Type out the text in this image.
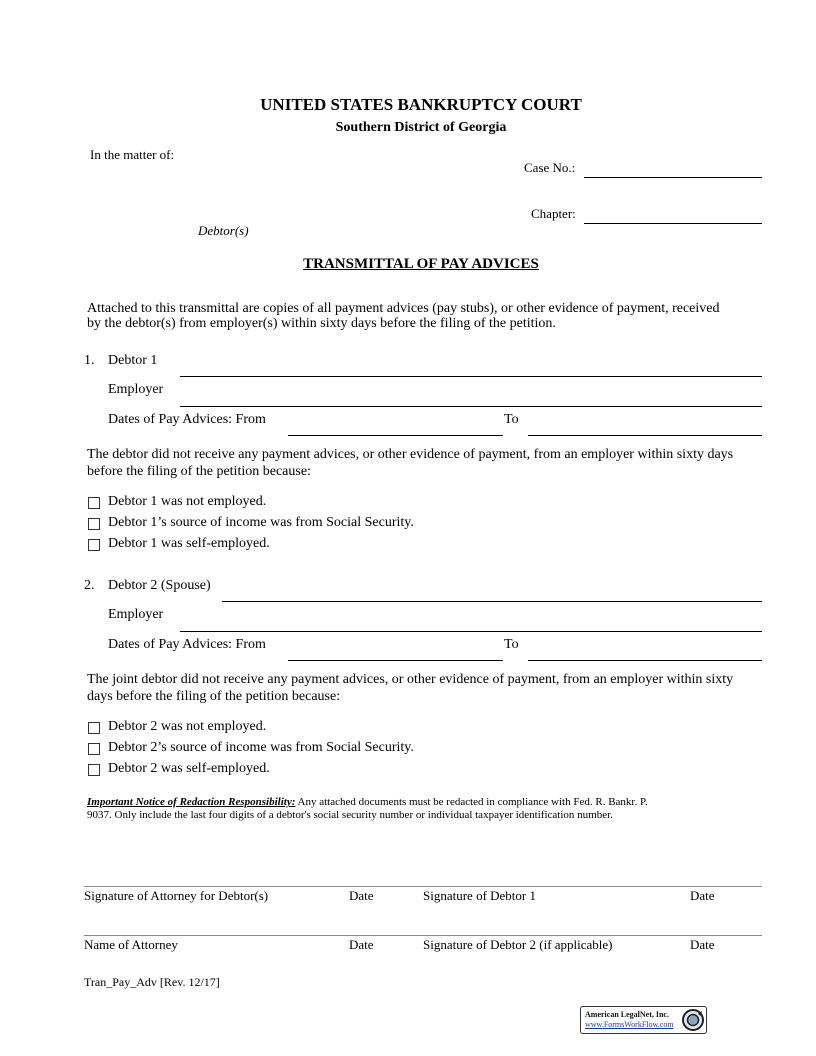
UNITED STATES BANKRUPTCY COURT
Southern District of Georgia
In the matter of:
Case No.:
Chapter:
Debtor(s)
TRANSMITTAL OF PAY ADVICES
Attached to this transmittal are copies of all payment advices (pay stubs), or other evidence of payment, received
by the debtor(s) from employer(s) within sixty days before the filing of the petition.
1. Debtor 1
Employer
Dates of Pay Advices: From	To
The debtor did not receive any payment advices, or other evidence of payment, from an employer within sixty days
before the filing of the petition because:
Debtor 1 was not employed.
Debtor 1’s source of income was from Social Security.
Debtor 1 was self-employed.
2. Debtor 2 (Spouse)
Employer
Dates of Pay Advices: From	To
The joint debtor did not receive any payment advices, or other evidence of payment, from an employer within sixty
days before the filing of the petition because:
Debtor 2 was not employed.
Debtor 2’s source of income was from Social Security.
Debtor 2 was self-employed.
Important Notice of Redaction Responsibility: Any attached documents must be redacted in compliance with Fed. R. Bankr. P.
9037. Only include the last four digits of a debtor's social security number or individual taxpayer identification number.
Signature of Attorney for Debtor(s)	Date	Signature of Debtor 1	Date
Name of Attorney	Date	Signature of Debtor 2 (if applicable)	Date
Tran_Pay_Adv [Rev. 12/17]
American LegalNet, Inc.
www.FormsWorkFlow.com
